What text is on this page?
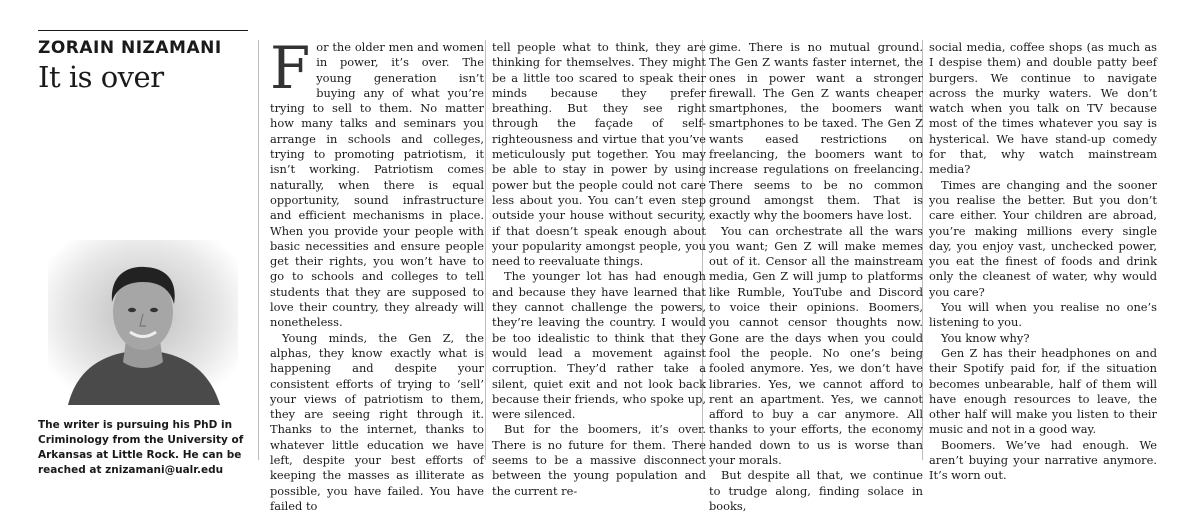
ZORAIN NIZAMANI
It is over
The writer is pursuing his PhD in Criminology from the University of Arkansas at Little Rock. He can be reached at znizamani@ualr.edu
F or the older men and women in power, it’s over. The young generation isn’t buying any of what you’re trying to sell to them. No matter how many talks and seminars you arrange in schools and colleges, trying to promoting patriotism, it isn’t working. Patriotism comes naturally, when there is equal opportunity, sound infrastructure and efficient mechanisms in place. When you provide your people with basic necessities and ensure people get their rights, you won’t have to go to schools and colleges to tell students that they are supposed to love their country, they already will nonetheless.

Young minds, the Gen Z, the alphas, they know exactly what is happening and despite your consistent efforts of trying to ‘sell’ your views of patriotism to them, they are seeing right through it. Thanks to the internet, thanks to whatever little education we have left, despite your best efforts of keeping the masses as illiterate as possible, you have failed. You have failed to

tell people what to think, they are thinking for themselves. They might be a little too scared to speak their minds because they prefer breathing. But they see right through the façade of self-righteousness and virtue that you’ve meticulously put together. You may be able to stay in power by using power but the people could not care less about you. You can’t even step outside your house without security, if that doesn’t speak enough about your popularity amongst people, you need to reevaluate things.

The younger lot has had enough and because they have learned that they cannot challenge the powers, they’re leaving the country. I would be too idealistic to think that they would lead a movement against corruption. They’d rather take a silent, quiet exit and not look back because their friends, who spoke up, were silenced.

But for the boomers, it’s over. There is no future for them. There seems to be a massive disconnect between the young population and the current re-

gime. There is no mutual ground. The Gen Z wants faster internet, the ones in power want a stronger firewall. The Gen Z wants cheaper smartphones, the boomers want smartphones to be taxed. The Gen Z wants eased restrictions on freelancing, the boomers want to increase regulations on freelancing. There seems to be no common ground amongst them. That is exactly why the boomers have lost.

You can orchestrate all the wars you want; Gen Z will make memes out of it. Censor all the mainstream media, Gen Z will jump to platforms like Rumble, YouTube and Discord to voice their opinions. Boomers, you cannot censor thoughts now. Gone are the days when you could fool the people. No one’s being fooled anymore. Yes, we don’t have libraries. Yes, we cannot afford to rent an apartment. Yes, we cannot afford to buy a car anymore. All thanks to your efforts, the economy handed down to us is worse than your morals.

But despite all that, we continue to trudge along, finding solace in books,

social media, coffee shops (as much as I despise them) and double patty beef burgers. We continue to navigate across the murky waters. We don’t watch when you talk on TV because most of the times whatever you say is hysterical. We have stand-up comedy for that, why watch mainstream media?

Times are changing and the sooner you realise the better. But you don’t care either. Your children are abroad, you’re making millions every single day, you enjoy vast, unchecked power, you eat the finest of foods and drink only the cleanest of water, why would you care?

You will when you realise no one’s listening to you.

You know why?

Gen Z has their headphones on and their Spotify paid for, if the situation becomes unbearable, half of them will have enough resources to leave, the other half will make you listen to their music and not in a good way.

Boomers. We’ve had enough. We aren’t buying your narrative anymore. It’s worn out.
